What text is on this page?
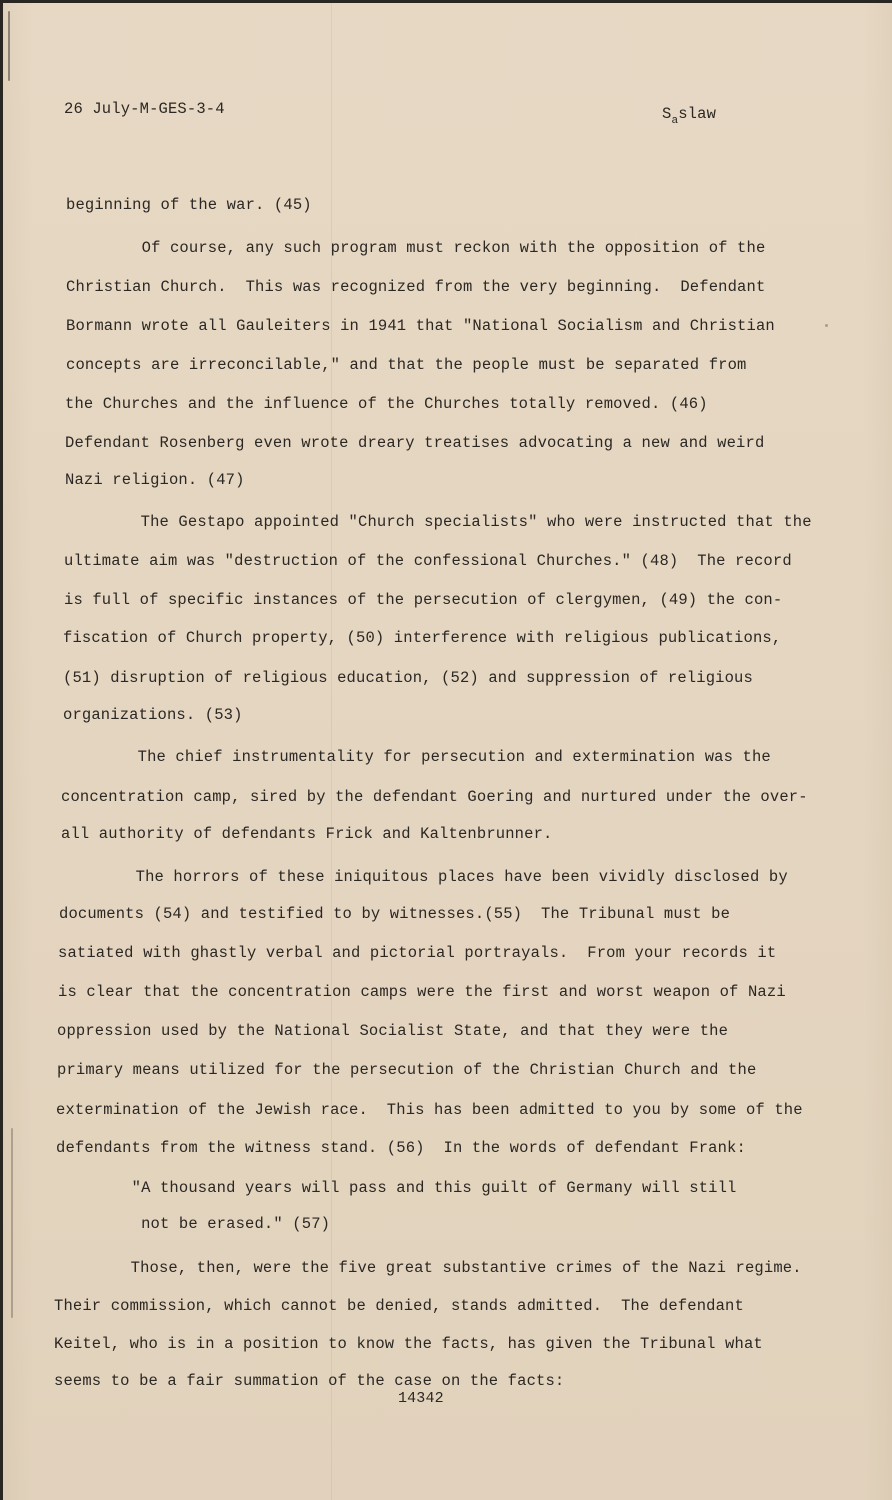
26 July-M-GES-3-4	$S_aslaw$
beginning of the war. (45)
Of course, any such program must reckon with the opposition of the
Christian Church.  This was recognized from the very beginning.  Defendant
Bormann wrote all Gauleiters in 1941 that "National Socialism and Christian
concepts are irreconcilable," and that the people must be separated from
the Churches and the influence of the Churches totally removed. (46)
Defendant Rosenberg even wrote dreary treatises advocating a new and weird
Nazi religion. (47)
The Gestapo appointed "Church specialists" who were instructed that the
ultimate aim was "destruction of the confessional Churches." (48)  The record
is full of specific instances of the persecution of clergymen, (49) the con-
fiscation of Church property, (50) interference with religious publications,
(51) disruption of religious education, (52) and suppression of religious
organizations. (53)
The chief instrumentality for persecution and extermination was the
concentration camp, sired by the defendant Goering and nurtured under the over-
all authority of defendants Frick and Kaltenbrunner.
The horrors of these iniquitous places have been vividly disclosed by
documents (54) and testified to by witnesses.(55)  The Tribunal must be
satiated with ghastly verbal and pictorial portrayals.  From your records it
is clear that the concentration camps were the first and worst weapon of Nazi
oppression used by the National Socialist State, and that they were the
primary means utilized for the persecution of the Christian Church and the
extermination of the Jewish race.  This has been admitted to you by some of the
defendants from the witness stand. (56)  In the words of defendant Frank:
"A thousand years will pass and this guilt of Germany will still
not be erased." (57)
Those, then, were the five great substantive crimes of the Nazi regime.
Their commission, which cannot be denied, stands admitted.  The defendant
Keitel, who is in a position to know the facts, has given the Tribunal what
seems to be a fair summation of the case on the facts:
14342
